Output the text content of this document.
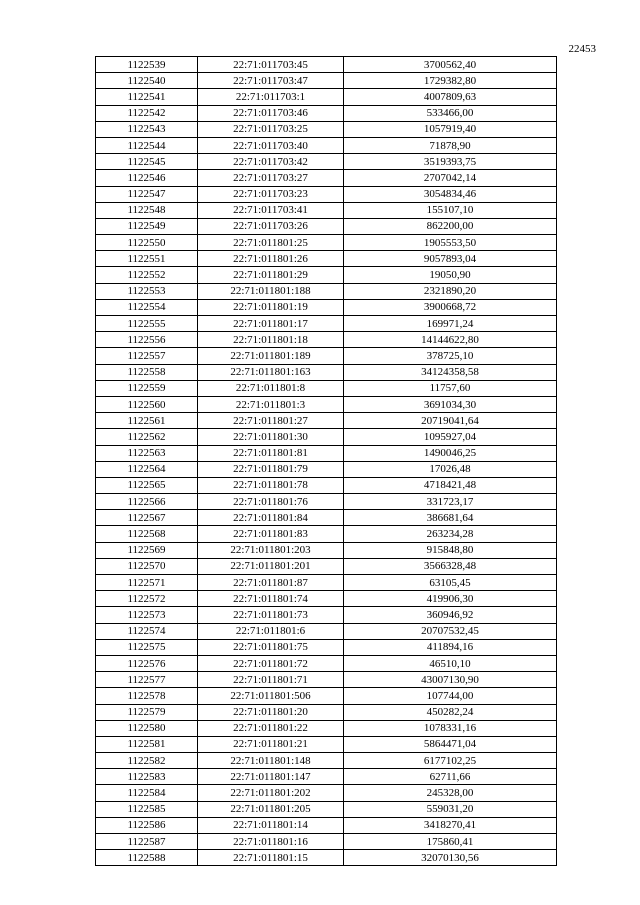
22453
1122539	22:71:011703:45	3700562,40
1122540	22:71:011703:47	1729382,80
1122541	22:71:011703:1	4007809,63
1122542	22:71:011703:46	533466,00
1122543	22:71:011703:25	1057919,40
1122544	22:71:011703:40	71878,90
1122545	22:71:011703:42	3519393,75
1122546	22:71:011703:27	2707042,14
1122547	22:71:011703:23	3054834,46
1122548	22:71:011703:41	155107,10
1122549	22:71:011703:26	862200,00
1122550	22:71:011801:25	1905553,50
1122551	22:71:011801:26	9057893,04
1122552	22:71:011801:29	19050,90
1122553	22:71:011801:188	2321890,20
1122554	22:71:011801:19	3900668,72
1122555	22:71:011801:17	169971,24
1122556	22:71:011801:18	14144622,80
1122557	22:71:011801:189	378725,10
1122558	22:71:011801:163	34124358,58
1122559	22:71:011801:8	11757,60
1122560	22:71:011801:3	3691034,30
1122561	22:71:011801:27	20719041,64
1122562	22:71:011801:30	1095927,04
1122563	22:71:011801:81	1490046,25
1122564	22:71:011801:79	17026,48
1122565	22:71:011801:78	4718421,48
1122566	22:71:011801:76	331723,17
1122567	22:71:011801:84	386681,64
1122568	22:71:011801:83	263234,28
1122569	22:71:011801:203	915848,80
1122570	22:71:011801:201	3566328,48
1122571	22:71:011801:87	63105,45
1122572	22:71:011801:74	419906,30
1122573	22:71:011801:73	360946,92
1122574	22:71:011801:6	20707532,45
1122575	22:71:011801:75	411894,16
1122576	22:71:011801:72	46510,10
1122577	22:71:011801:71	43007130,90
1122578	22:71:011801:506	107744,00
1122579	22:71:011801:20	450282,24
1122580	22:71:011801:22	1078331,16
1122581	22:71:011801:21	5864471,04
1122582	22:71:011801:148	6177102,25
1122583	22:71:011801:147	62711,66
1122584	22:71:011801:202	245328,00
1122585	22:71:011801:205	559031,20
1122586	22:71:011801:14	3418270,41
1122587	22:71:011801:16	175860,41
1122588	22:71:011801:15	32070130,56
